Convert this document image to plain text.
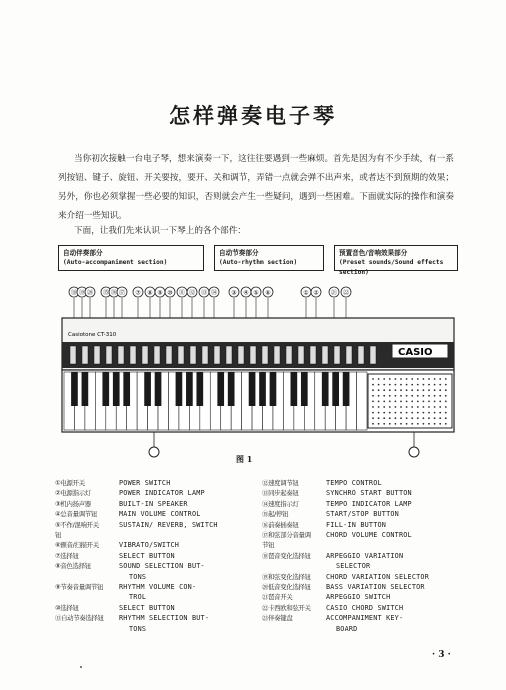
怎样弹奏电子琴
当你初次接触一台电子琴，想来演奏一下，这往往要遇到一些麻烦。首先是因为有不少手续，有一系列按钮、键子、旋钮、开关要按，要开、关和调节，弄错一点就会弹不出声来，或者达不到预期的效果；另外，你也必须掌握一些必要的知识，否则就会产生一些疑问，遇到一些困难。下面就实际的操作和演奏来介绍一些知识。
下面，让我们先来认识一下琴上的各个部件：
自动伴奏部分
(Auto-accompaniment section)
自动节奏部分
(Auto-rhythm section)
预置音色/音响效果部分
(Preset sounds/Sound effects section)
⑱ ⑲ ⑳ ⑮ ⑯ ⑰ ⑦ ⑧ ⑨ ⑩ ⑪ ⑫ ⑬ ⑭ ③ ④ ⑤ ⑥	① ② ㉑ ㉒
Casiotone CT-310
CASIO
图 1
①电源开关	POWER SWITCH
②电源指示灯	POWER INDICATOR LAMP
③机内扬声器	BUILT-IN SPEAKER
④总音量调节钮	MAIN VOLUME CONTROL
⑤不作/混响开关	SUSTAIN/ REVERB, SWITCH
钮
⑥颤音/扫描开关	VIBRATO/SWITCH
⑦选择钮	SELECT BUTTON
⑧音色选择钮	SOUND SELECTION BUT-
TONS
⑨节奏音量调节钮	RHYTHM VOLUME CON-
TROL
⑩选择钮	SELECT BUTTON
⑪自动节奏选择钮	RHYTHM SELECTION BUT-
TONS
⑫速度调节钮	TEMPO CONTROL
⑬同步起奏钮	SYNCHRO START BUTTON
⑭速度指示灯	TEMPO INDICATOR LAMP
⑮起/停钮	START/STOP BUTTON
⑯前奏插奏钮	FILL-IN BUTTON
⑰和弦部分音量调	CHORD VOLUME CONTROL
节钮
⑱琶音变化选择钮	ARPEGGIO VARIATION
SELECTOR
⑲和弦变化选择钮	CHORD VARIATION SELECTOR
⑳低音变化选择钮	BASS VARIATION SELECTOR
㉑琶音开关	ARPEGGIO SWITCH
㉒卡西欧和弦开关	CASIO CHORD SWITCH
㉓伴奏键盘	ACCOMPANIMENT KEY-
BOARD
· 3 ·
